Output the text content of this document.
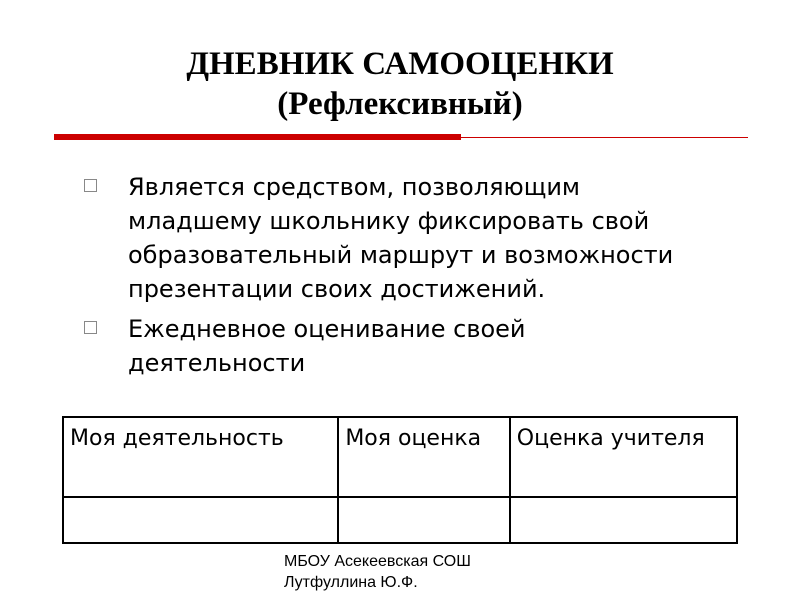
ДНЕВНИК САМООЦЕНКИ
(Рефлексивный)
Является средством, позволяющим младшему школьнику фиксировать свой образовательный маршрут и возможности презентации своих достижений.
Ежедневное оценивание своей деятельности
Моя деятельность	Моя оценка	Оценка учителя

МБОУ Асекеевская СОШ
Лутфуллина Ю.Ф.
